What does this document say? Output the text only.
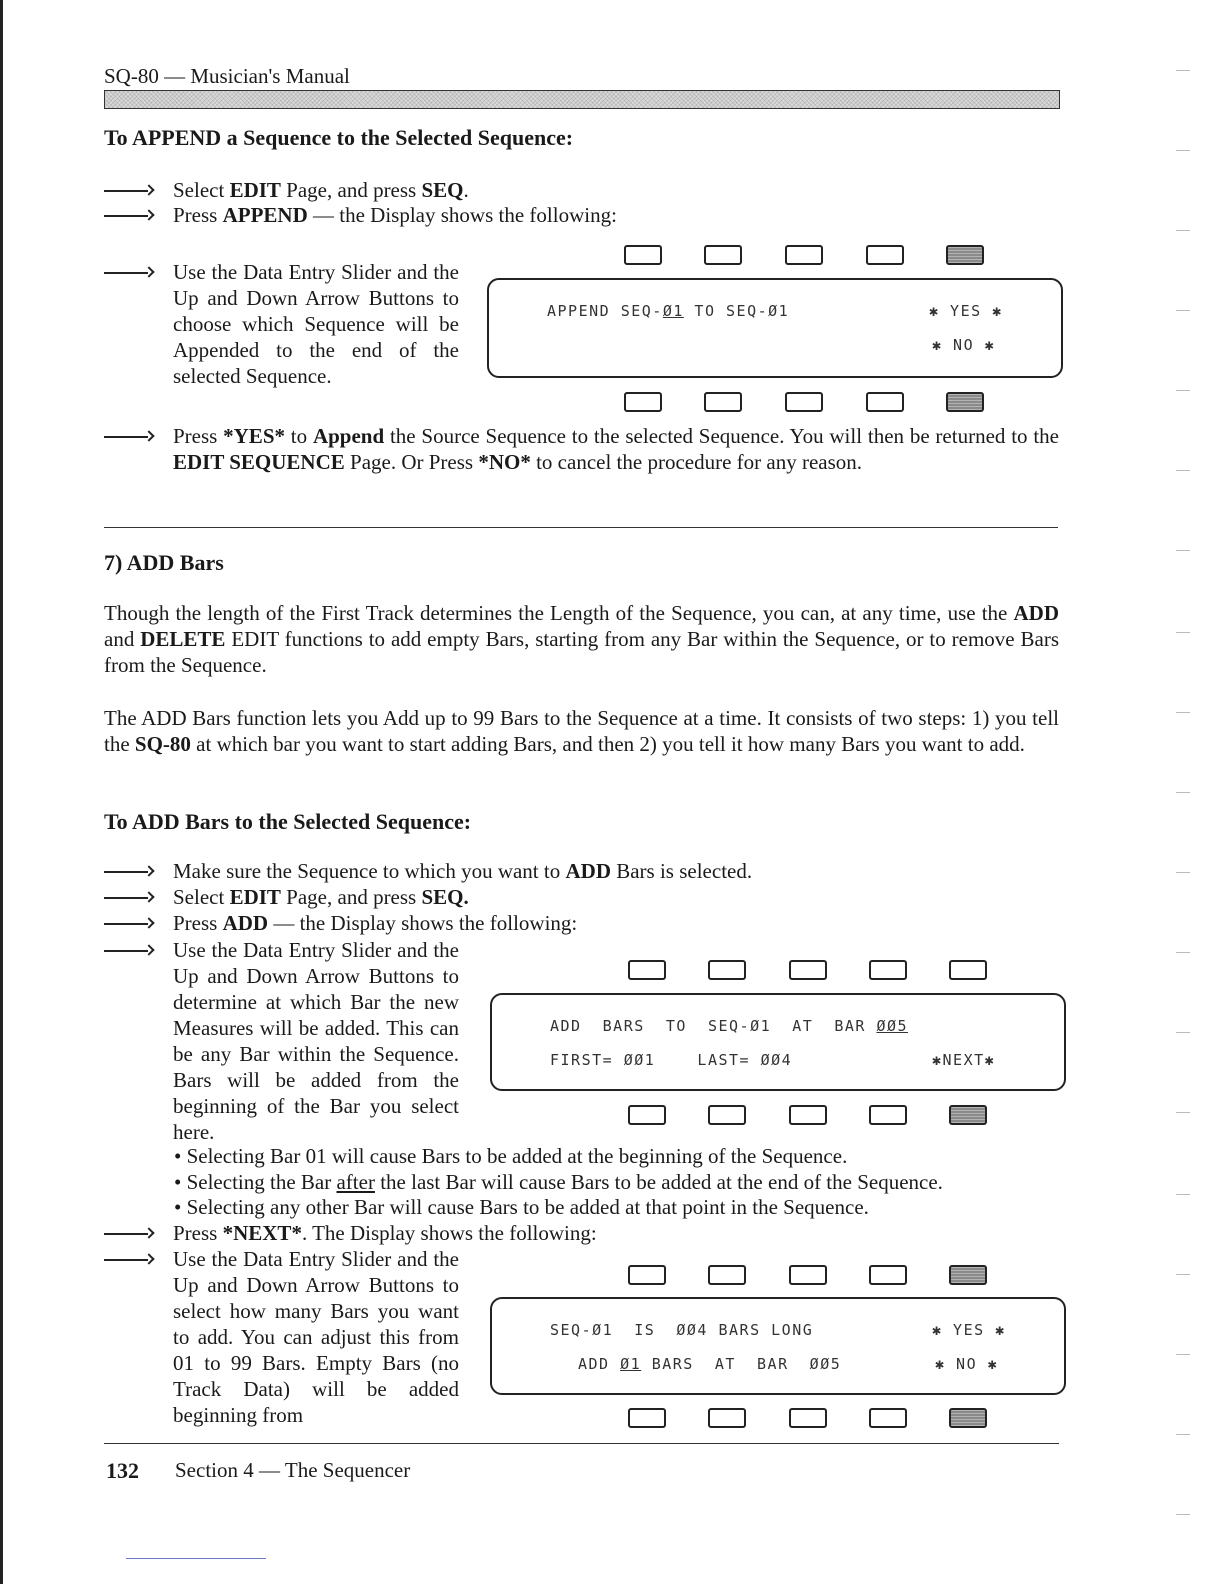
SQ-80 — Musician's Manual
To APPEND a Sequence to the Selected Sequence:
Select EDIT Page, and press SEQ.
Press APPEND — the Display shows the following:
Use the Data Entry Slider and the Up and Down Arrow Buttons to choose which Sequence will be Appended to the end of the selected Sequence.
APPEND SEQ-Ø1 TO SEQ-Ø1	✱ YES ✱
✱ NO ✱
Press *YES* to Append the Source Sequence to the selected Sequence. You will then be returned to the EDIT SEQUENCE Page. Or Press *NO* to cancel the procedure for any reason.
7) ADD Bars
Though the length of the First Track determines the Length of the Sequence, you can, at any time, use the ADD and DELETE EDIT functions to add empty Bars, starting from any Bar within the Sequence, or to remove Bars from the Sequence.
The ADD Bars function lets you Add up to 99 Bars to the Sequence at a time. It consists of two steps: 1) you tell the SQ-80 at which bar you want to start adding Bars, and then 2) you tell it how many Bars you want to add.
To ADD Bars to the Selected Sequence:
Make sure the Sequence to which you want to ADD Bars is selected.
Select EDIT Page, and press SEQ.
Press ADD — the Display shows the following:
Use the Data Entry Slider and the Up and Down Arrow Buttons to determine at which Bar the new Measures will be added. This can be any Bar within the Sequence. Bars will be added from the beginning of the Bar you select here.
ADD  BARS  TO  SEQ-Ø1  AT  BAR ØØ5
FIRST= ØØ1    LAST= ØØ4	✱NEXT✱
• Selecting Bar 01 will cause Bars to be added at the beginning of the Sequence.
• Selecting the Bar after the last Bar will cause Bars to be added at the end of the Sequence.
• Selecting any other Bar will cause Bars to be added at that point in the Sequence.
Press *NEXT*. The Display shows the following:
Use the Data Entry Slider and the Up and Down Arrow Buttons to select how many Bars you want to add. You can adjust this from 01 to 99 Bars. Empty Bars (no Track Data) will be added beginning from
SEQ-Ø1  IS  ØØ4 BARS LONG
ADD Ø1 BARS  AT  BAR  ØØ5
✱ YES ✱
✱ NO ✱
132 Section 4 — The Sequencer
